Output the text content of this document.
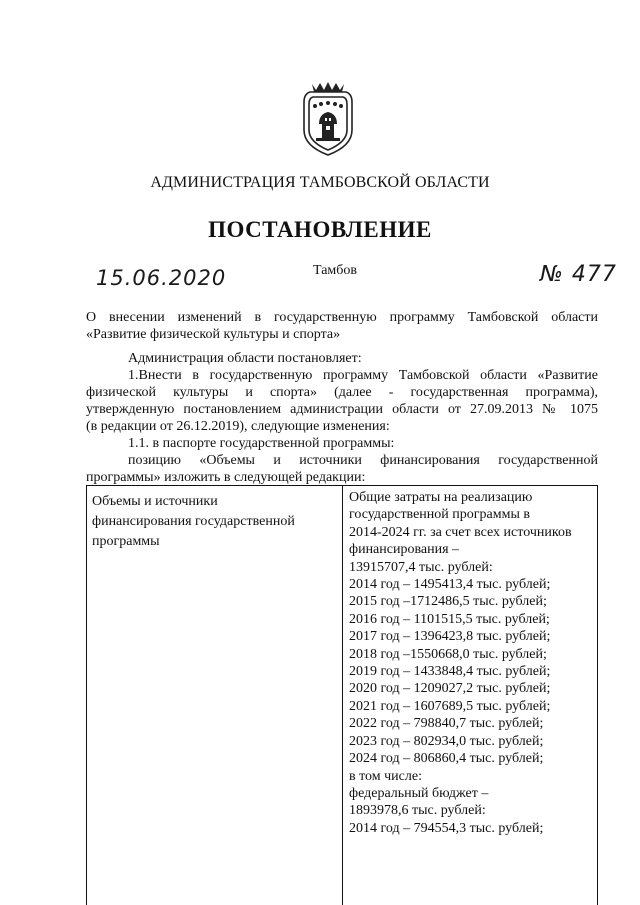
АДМИНИСТРАЦИЯ ТАМБОВСКОЙ ОБЛАСТИ
ПОСТАНОВЛЕНИЕ
15.06.2020	Тамбов	№ 477
О внесении изменений в государственную программу Тамбовской области
«Развитие физической культуры и спорта»

Администрация области постановляет:

1.Внести в государственную программу Тамбовской области «Развитие

физической культуры и спорта» (далее - государственная программа),

утвержденную постановлением администрации области от 27.09.2013 № 1075

(в редакции от 26.12.2019), следующие изменения:

1.1. в паспорте государственной программы:

позицию «Объемы и источники финансирования государственной

программы» изложить в следующей редакции:

Объемы и источники
финансирования государственной
программы
Общие затраты на реализацию
государственной программы в
2014-2024 гг. за счет всех источников
финансирования –
13915707,4 тыс. рублей:
2014 год – 1495413,4 тыс. рублей;
2015 год –1712486,5 тыс. рублей;
2016 год – 1101515,5 тыс. рублей;
2017 год – 1396423,8 тыс. рублей;
2018 год –1550668,0 тыс. рублей;
2019 год – 1433848,4 тыс. рублей;
2020 год – 1209027,2 тыс. рублей;
2021 год – 1607689,5 тыс. рублей;
2022 год – 798840,7 тыс. рублей;
2023 год – 802934,0 тыс. рублей;
2024 год – 806860,4 тыс. рублей;
в том числе:
федеральный бюджет –
1893978,6 тыс. рублей:
2014 год – 794554,3 тыс. рублей;
